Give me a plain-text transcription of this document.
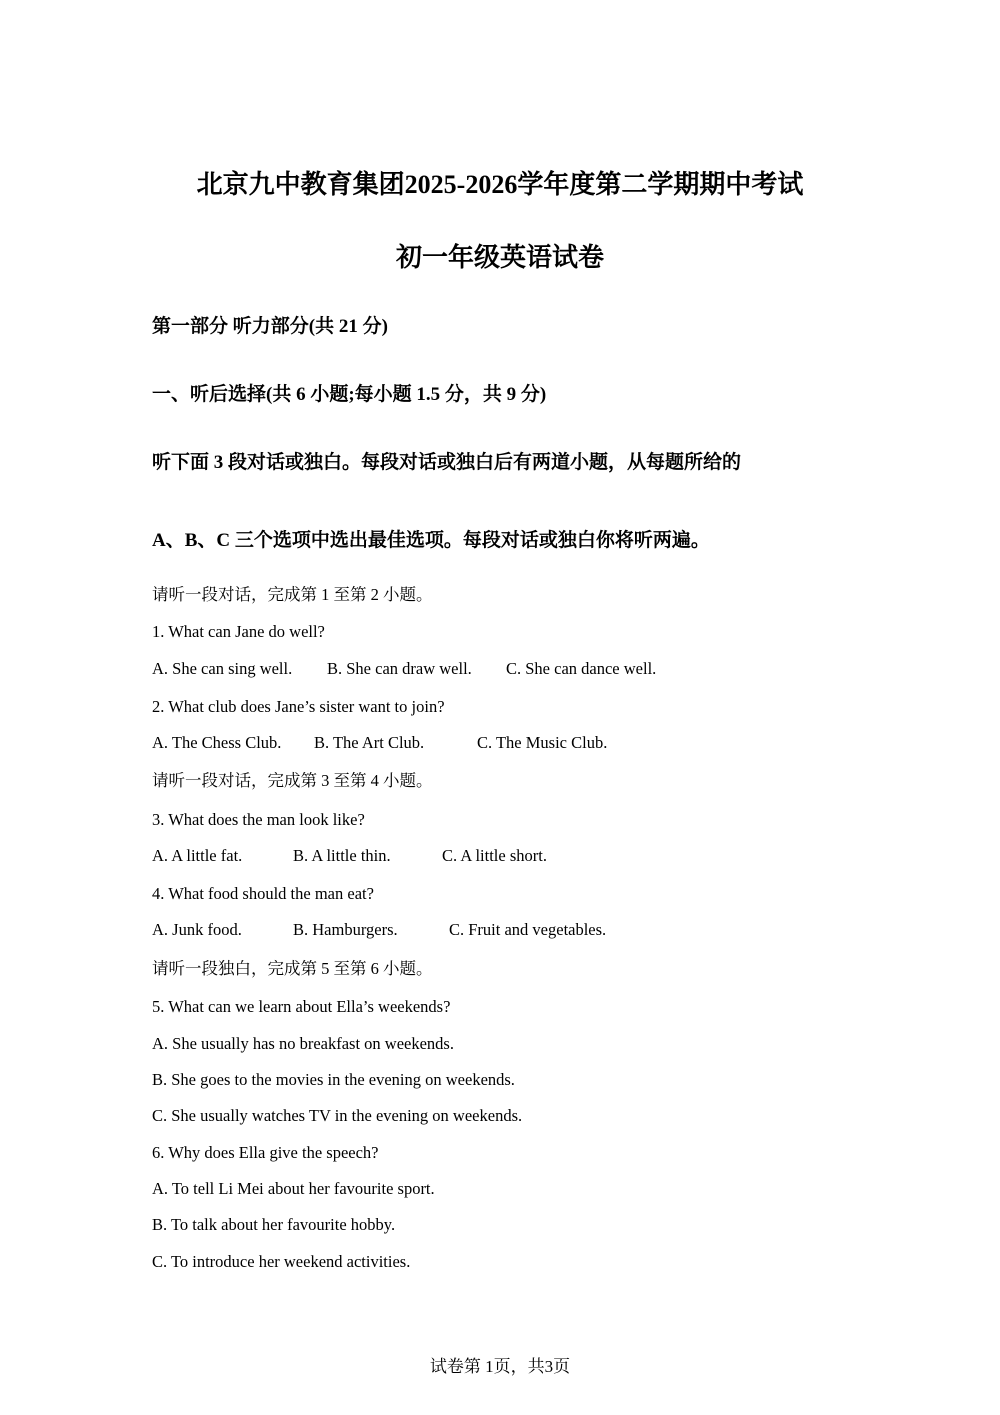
北京九中教育集团2025-2026学年度第二学期期中考试
初一年级英语试卷
第一部分 听力部分(共 21 分)
一、听后选择(共 6 小题;每小题 1.5 分，共 9 分)
听下面 3 段对话或独白。每段对话或独白后有两道小题，从每题所给的
A、B、C 三个选项中选出最佳选项。每段对话或独白你将听两遍。
请听一段对话，完成第 1 至第 2 小题。
1. What can Jane do well?
A. She can sing well. B. She can draw well. C. She can dance well.
2. What club does Jane’s sister want to join?
A. The Chess Club. B. The Art Club.	C. The Music Club.
请听一段对话，完成第 3 至第 4 小题。
3. What does the man look like?
A. A little fat.	B. A little thin.	C. A little short.
4. What food should the man eat?
A. Junk food.	B. Hamburgers.	C. Fruit and vegetables.
请听一段独白，完成第 5 至第 6 小题。
5. What can we learn about Ella’s weekends?
A. She usually has no breakfast on weekends.
B. She goes to the movies in the evening on weekends.
C. She usually watches TV in the evening on weekends.
6. Why does Ella give the speech?
A. To tell Li Mei about her favourite sport.
B. To talk about her favourite hobby.
C. To introduce her weekend activities.
试卷第 1页，共3页
